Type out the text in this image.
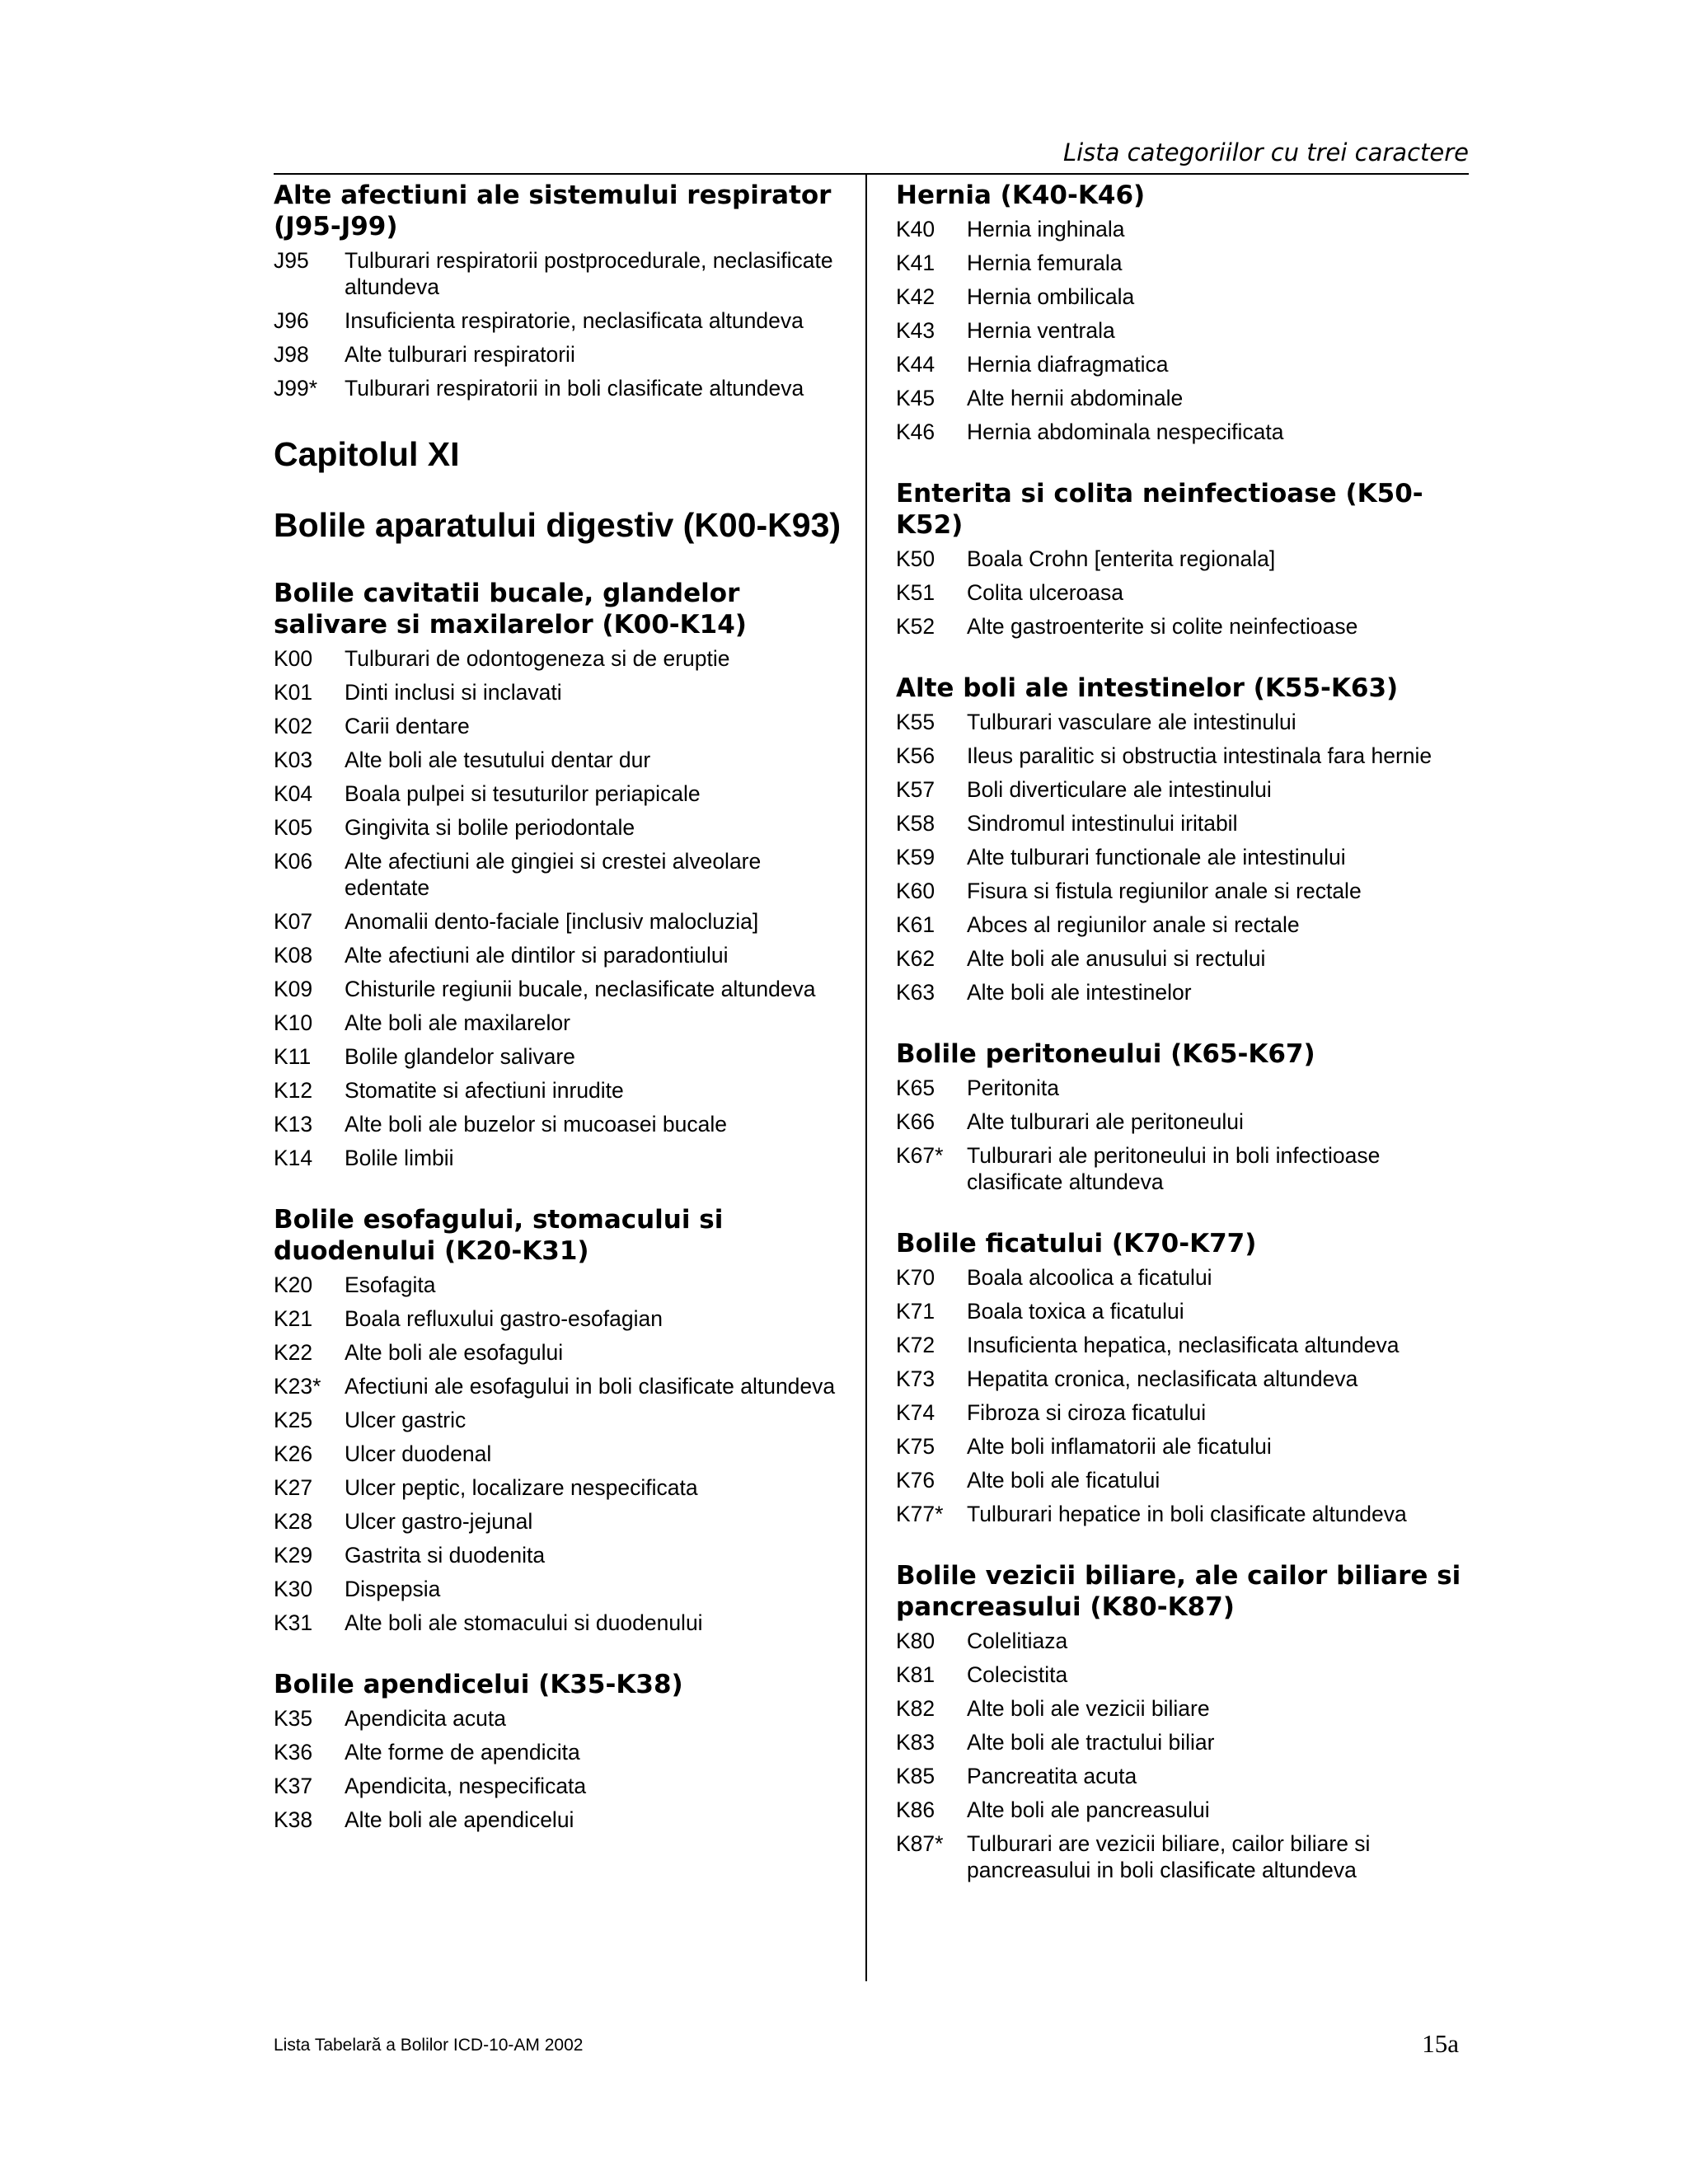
Lista categoriilor cu trei caractere
Alte afectiuni ale sistemului respirator (J95-J99)
J95	Tulburari respiratorii postprocedurale, neclasificate altundeva
J96	Insuficienta respiratorie, neclasificata altundeva
J98	Alte tulburari respiratorii
J99*	Tulburari respiratorii in boli clasificate altundeva
Capitolul XI
Bolile aparatului digestiv (K00-K93)
Bolile cavitatii bucale, glandelor salivare si maxilarelor (K00-K14)
K00	Tulburari de odontogeneza si de eruptie
K01	Dinti inclusi si inclavati
K02	Carii dentare
K03	Alte boli ale tesutului dentar dur
K04	Boala pulpei si tesuturilor periapicale
K05	Gingivita si bolile periodontale
K06	Alte afectiuni ale gingiei si crestei alveolare edentate
K07	Anomalii dento-faciale [inclusiv malocluzia]
K08	Alte afectiuni ale dintilor si paradontiului
K09	Chisturile regiunii bucale, neclasificate altundeva
K10	Alte boli ale maxilarelor
K11	Bolile glandelor salivare
K12	Stomatite si afectiuni inrudite
K13	Alte boli ale buzelor si mucoasei bucale
K14	Bolile limbii
Bolile esofagului, stomacului si duodenului (K20-K31)
K20	Esofagita
K21	Boala refluxului gastro-esofagian
K22	Alte boli ale esofagului
K23*	Afectiuni ale esofagului in boli clasificate altundeva
K25	Ulcer gastric
K26	Ulcer duodenal
K27	Ulcer peptic, localizare nespecificata
K28	Ulcer gastro-jejunal
K29	Gastrita si duodenita
K30	Dispepsia
K31	Alte boli ale stomacului si duodenului
Bolile apendicelui (K35-K38)
K35	Apendicita acuta
K36	Alte forme de apendicita
K37	Apendicita, nespecificata
K38	Alte boli ale apendicelui
Hernia (K40-K46)
K40	Hernia inghinala
K41	Hernia femurala
K42	Hernia ombilicala
K43	Hernia ventrala
K44	Hernia diafragmatica
K45	Alte hernii abdominale
K46	Hernia abdominala nespecificata
Enterita si colita neinfectioase (K50-K52)
K50	Boala Crohn [enterita regionala]
K51	Colita ulceroasa
K52	Alte gastroenterite si colite neinfectioase
Alte boli ale intestinelor (K55-K63)
K55	Tulburari vasculare ale intestinului
K56	Ileus paralitic si obstructia intestinala fara hernie
K57	Boli diverticulare ale intestinului
K58	Sindromul intestinului iritabil
K59	Alte tulburari functionale ale intestinului
K60	Fisura si fistula regiunilor anale si rectale
K61	Abces al regiunilor anale si rectale
K62	Alte boli ale anusului si rectului
K63	Alte boli ale intestinelor
Bolile peritoneului (K65-K67)
K65	Peritonita
K66	Alte tulburari ale peritoneului
K67*	Tulburari ale peritoneului in boli infectioase clasificate altundeva
Bolile ficatului (K70-K77)
K70	Boala alcoolica a ficatului
K71	Boala toxica a ficatului
K72	Insuficienta hepatica, neclasificata altundeva
K73	Hepatita cronica, neclasificata altundeva
K74	Fibroza si ciroza ficatului
K75	Alte boli inflamatorii ale ficatului
K76	Alte boli ale ficatului
K77*	Tulburari hepatice in boli clasificate altundeva
Bolile vezicii biliare, ale cailor biliare si pancreasului (K80-K87)
K80	Colelitiaza
K81	Colecistita
K82	Alte boli ale vezicii biliare
K83	Alte boli ale tractului biliar
K85	Pancreatita acuta
K86	Alte boli ale pancreasului
K87*	Tulburari are vezicii biliare, cailor biliare si pancreasului in boli clasificate altundeva
Lista Tabelară a Bolilor ICD-10-AM 2002	15a
